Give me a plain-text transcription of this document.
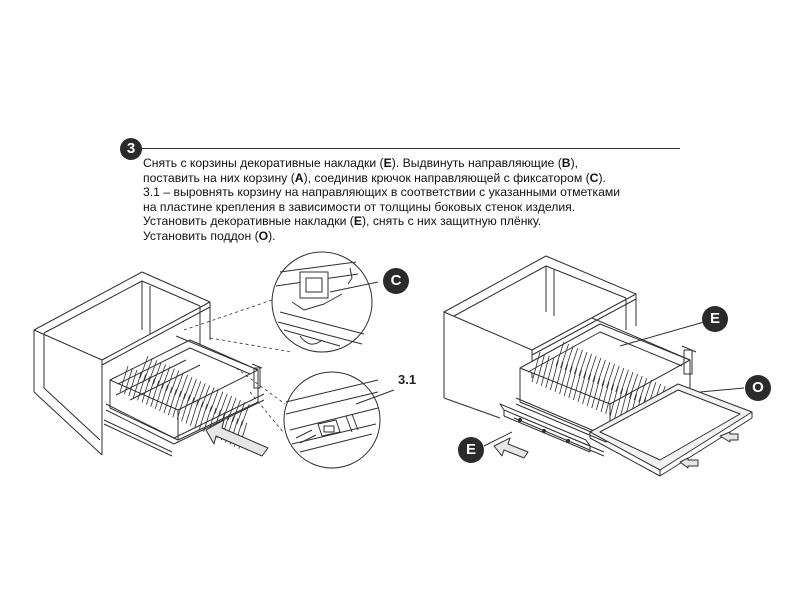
3

Снять с корзины декоративные накладки (E). Выдвинуть направляющие (B),

поставить на них корзину (A), соединив крючок направляющей с фиксатором (C).

3.1 – выровнять корзину на направляющих в соответствии с указанными отметками

на пластине крепления в зависимости от толщины боковых стенок изделия.

Установить декоративные накладки (E), снять с них защитную плёнку.

Установить поддон (O).

C
3.1
E
O
E
